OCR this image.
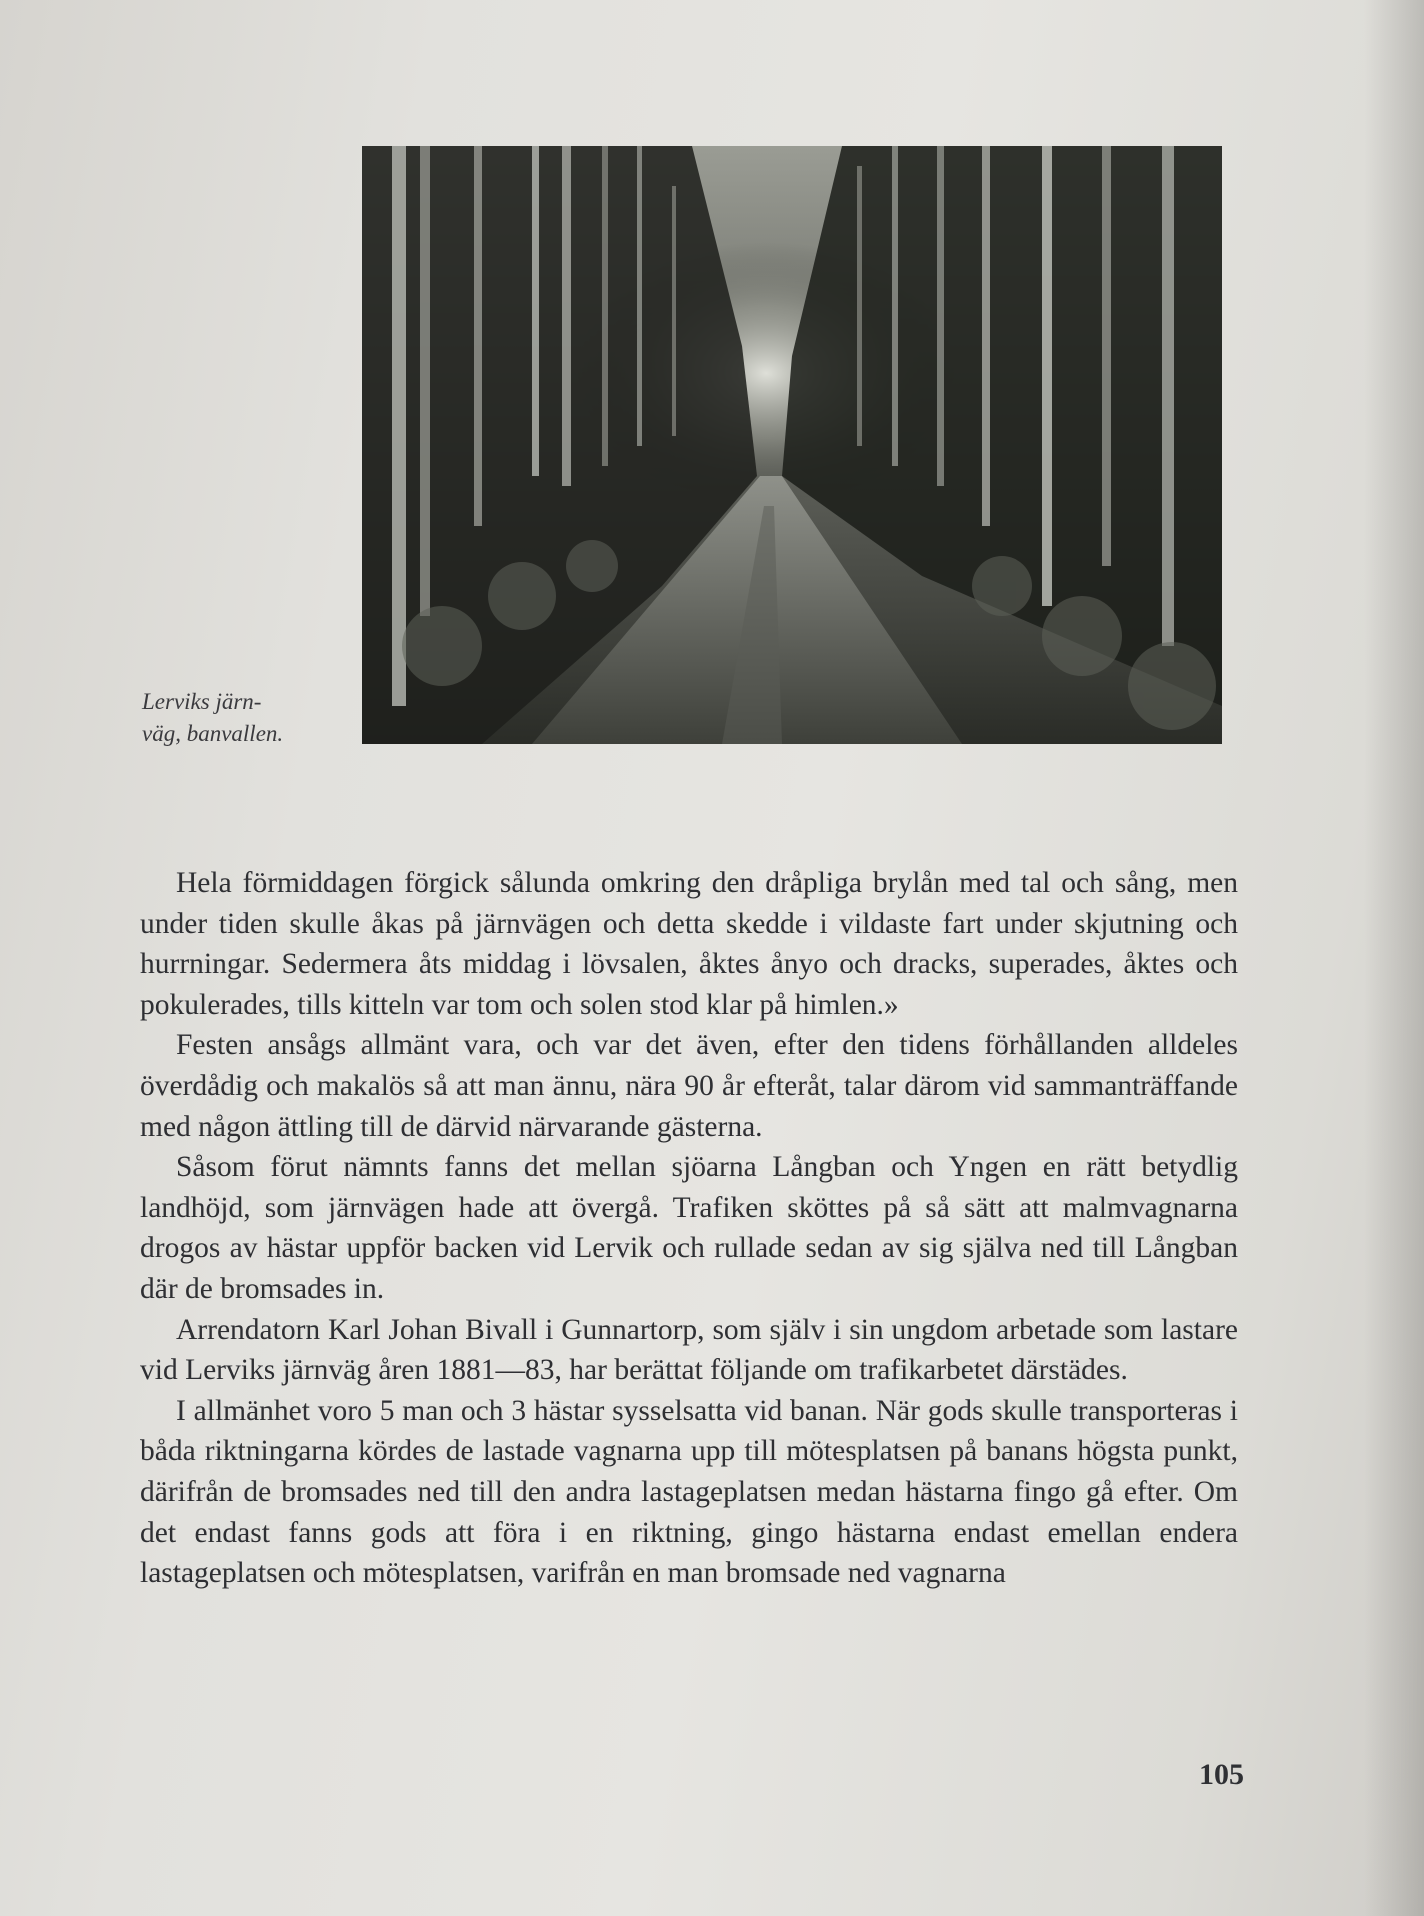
Lerviks järn-
väg, banvallen.

Hela förmiddagen förgick sålunda omkring den dråpliga brylån med tal och sång, men under tiden skulle åkas på järnvägen och detta skedde i vildaste fart under skjutning och hurrningar. Sedermera åts middag i lövsalen, åktes ånyo och dracks, superades, åktes och pokulerades, tills kitteln var tom och solen stod klar på himlen.»

Festen ansågs allmänt vara, och var det även, efter den tidens förhållanden alldeles överdådig och makalös så att man ännu, nära 90 år efteråt, talar därom vid sammanträffande med någon ättling till de därvid närvarande gästerna.

Såsom förut nämnts fanns det mellan sjöarna Långban och Yngen en rätt betydlig landhöjd, som järnvägen hade att övergå. Trafiken sköttes på så sätt att malmvagnarna drogos av hästar uppför backen vid Lervik och rullade sedan av sig själva ned till Långban där de bromsades in.

Arrendatorn Karl Johan Bivall i Gunnartorp, som själv i sin ungdom arbetade som lastare vid Lerviks järnväg åren 1881—83, har berättat följande om trafikarbetet därstädes.

I allmänhet voro 5 man och 3 hästar sysselsatta vid banan. När gods skulle transporteras i båda riktningarna kördes de lastade vagnarna upp till mötesplatsen på banans högsta punkt, därifrån de bromsades ned till den andra lastageplatsen medan hästarna fingo gå efter. Om det endast fanns gods att föra i en riktning, gingo hästarna endast emellan endera lastageplatsen och mötesplatsen, varifrån en man bromsade ned vagnarna

105
